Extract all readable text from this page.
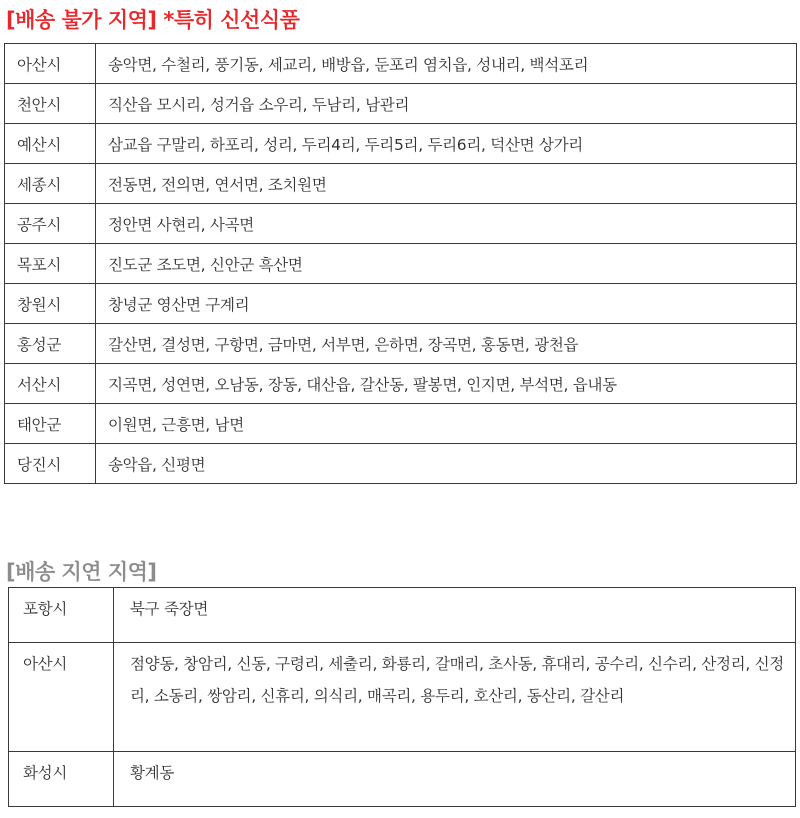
[배송 불가 지역] *특히 신선식품
아산시	송악면, 수철리, 풍기동, 세교리, 배방읍, 둔포리 염치읍, 성내리, 백석포리
천안시	직산읍 모시리, 성거읍 소우리, 두남리, 남관리
예산시	삼교읍 구말리, 하포리, 성리, 두리4리, 두리5리, 두리6리, 덕산면 상가리
세종시	전동면, 전의면, 연서면, 조치원면
공주시	정안면 사현리, 사곡면
목포시	진도군 조도면, 신안군 흑산면
창원시	창녕군 영산면 구계리
홍성군	갈산면, 결성면, 구항면, 금마면, 서부면, 은하면, 장곡면, 홍동면, 광천읍
서산시	지곡면, 성연면, 오남동, 장동, 대산읍, 갈산동, 팔봉면, 인지면, 부석면, 읍내동
태안군	이원면, 근흥면, 남면
당진시	송악읍, 신평면
[배송 지연 지역]
포항시	북구 죽장면
아산시	점양동, 창암리, 신동, 구령리, 세출리, 화룡리, 갈매리, 초사동, 휴대리, 공수리, 신수리, 산정리, 신정리, 소동리, 쌍암리, 신휴리, 의식리, 매곡리, 용두리, 호산리, 동산리, 갈산리
화성시	황계동
